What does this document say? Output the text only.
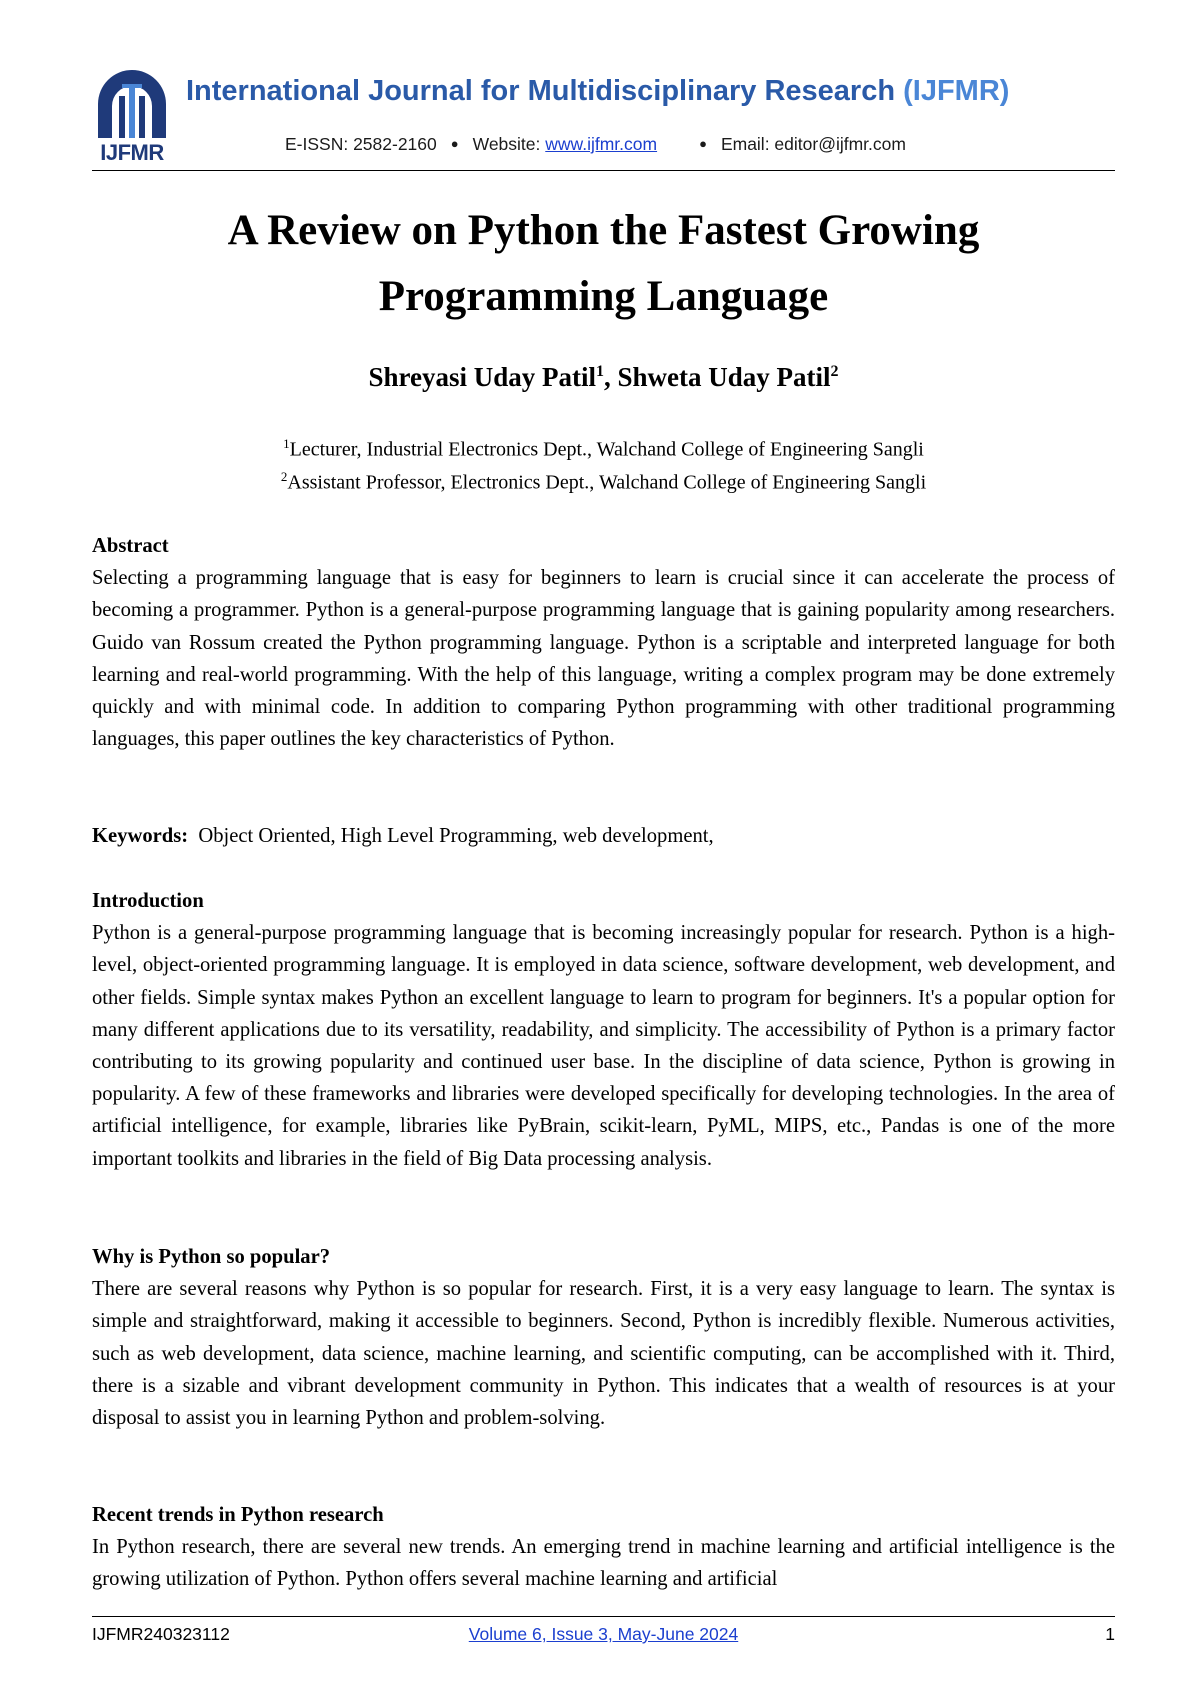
IJFMR
International Journal for Multidisciplinary Research (IJFMR)
E-ISSN: 2582-2160 ● Website: www.ijfmr.com	● Email: editor@ijfmr.com
A Review on Python the Fastest Growing
Programming Language
Shreyasi Uday Patil$^1$, Shweta Uday Patil$^2$
$^1$Lecturer, Industrial Electronics Dept., Walchand College of Engineering Sangli
$^2$Assistant Professor, Electronics Dept., Walchand College of Engineering Sangli
Abstract
Selecting a programming language that is easy for beginners to learn is crucial since it can accelerate the process of becoming a programmer. Python is a general-purpose programming language that is gaining popularity among researchers. Guido van Rossum created the Python programming language. Python is a scriptable and interpreted language for both learning and real-world programming. With the help of this language, writing a complex program may be done extremely quickly and with minimal code. In addition to comparing Python programming with other traditional programming languages, this paper outlines the key characteristics of Python.
Keywords: Object Oriented, High Level Programming, web development,
Introduction
Python is a general-purpose programming language that is becoming increasingly popular for research. Python is a high-level, object-oriented programming language. It is employed in data science, software development, web development, and other fields. Simple syntax makes Python an excellent language to learn to program for beginners. It's a popular option for many different applications due to its versatility, readability, and simplicity. The accessibility of Python is a primary factor contributing to its growing popularity and continued user base. In the discipline of data science, Python is growing in popularity. A few of these frameworks and libraries were developed specifically for developing technologies. In the area of artificial intelligence, for example, libraries like PyBrain, scikit-learn, PyML, MIPS, etc., Pandas is one of the more important toolkits and libraries in the field of Big Data processing analysis.
Why is Python so popular?
There are several reasons why Python is so popular for research. First, it is a very easy language to learn. The syntax is simple and straightforward, making it accessible to beginners. Second, Python is incredibly flexible. Numerous activities, such as web development, data science, machine learning, and scientific computing, can be accomplished with it. Third, there is a sizable and vibrant development community in Python. This indicates that a wealth of resources is at your disposal to assist you in learning Python and problem-solving.
Recent trends in Python research
In Python research, there are several new trends. An emerging trend in machine learning and artificial intelligence is the growing utilization of Python. Python offers several machine learning and artificial
IJFMR240323112	Volume 6, Issue 3, May-June 2024	1
